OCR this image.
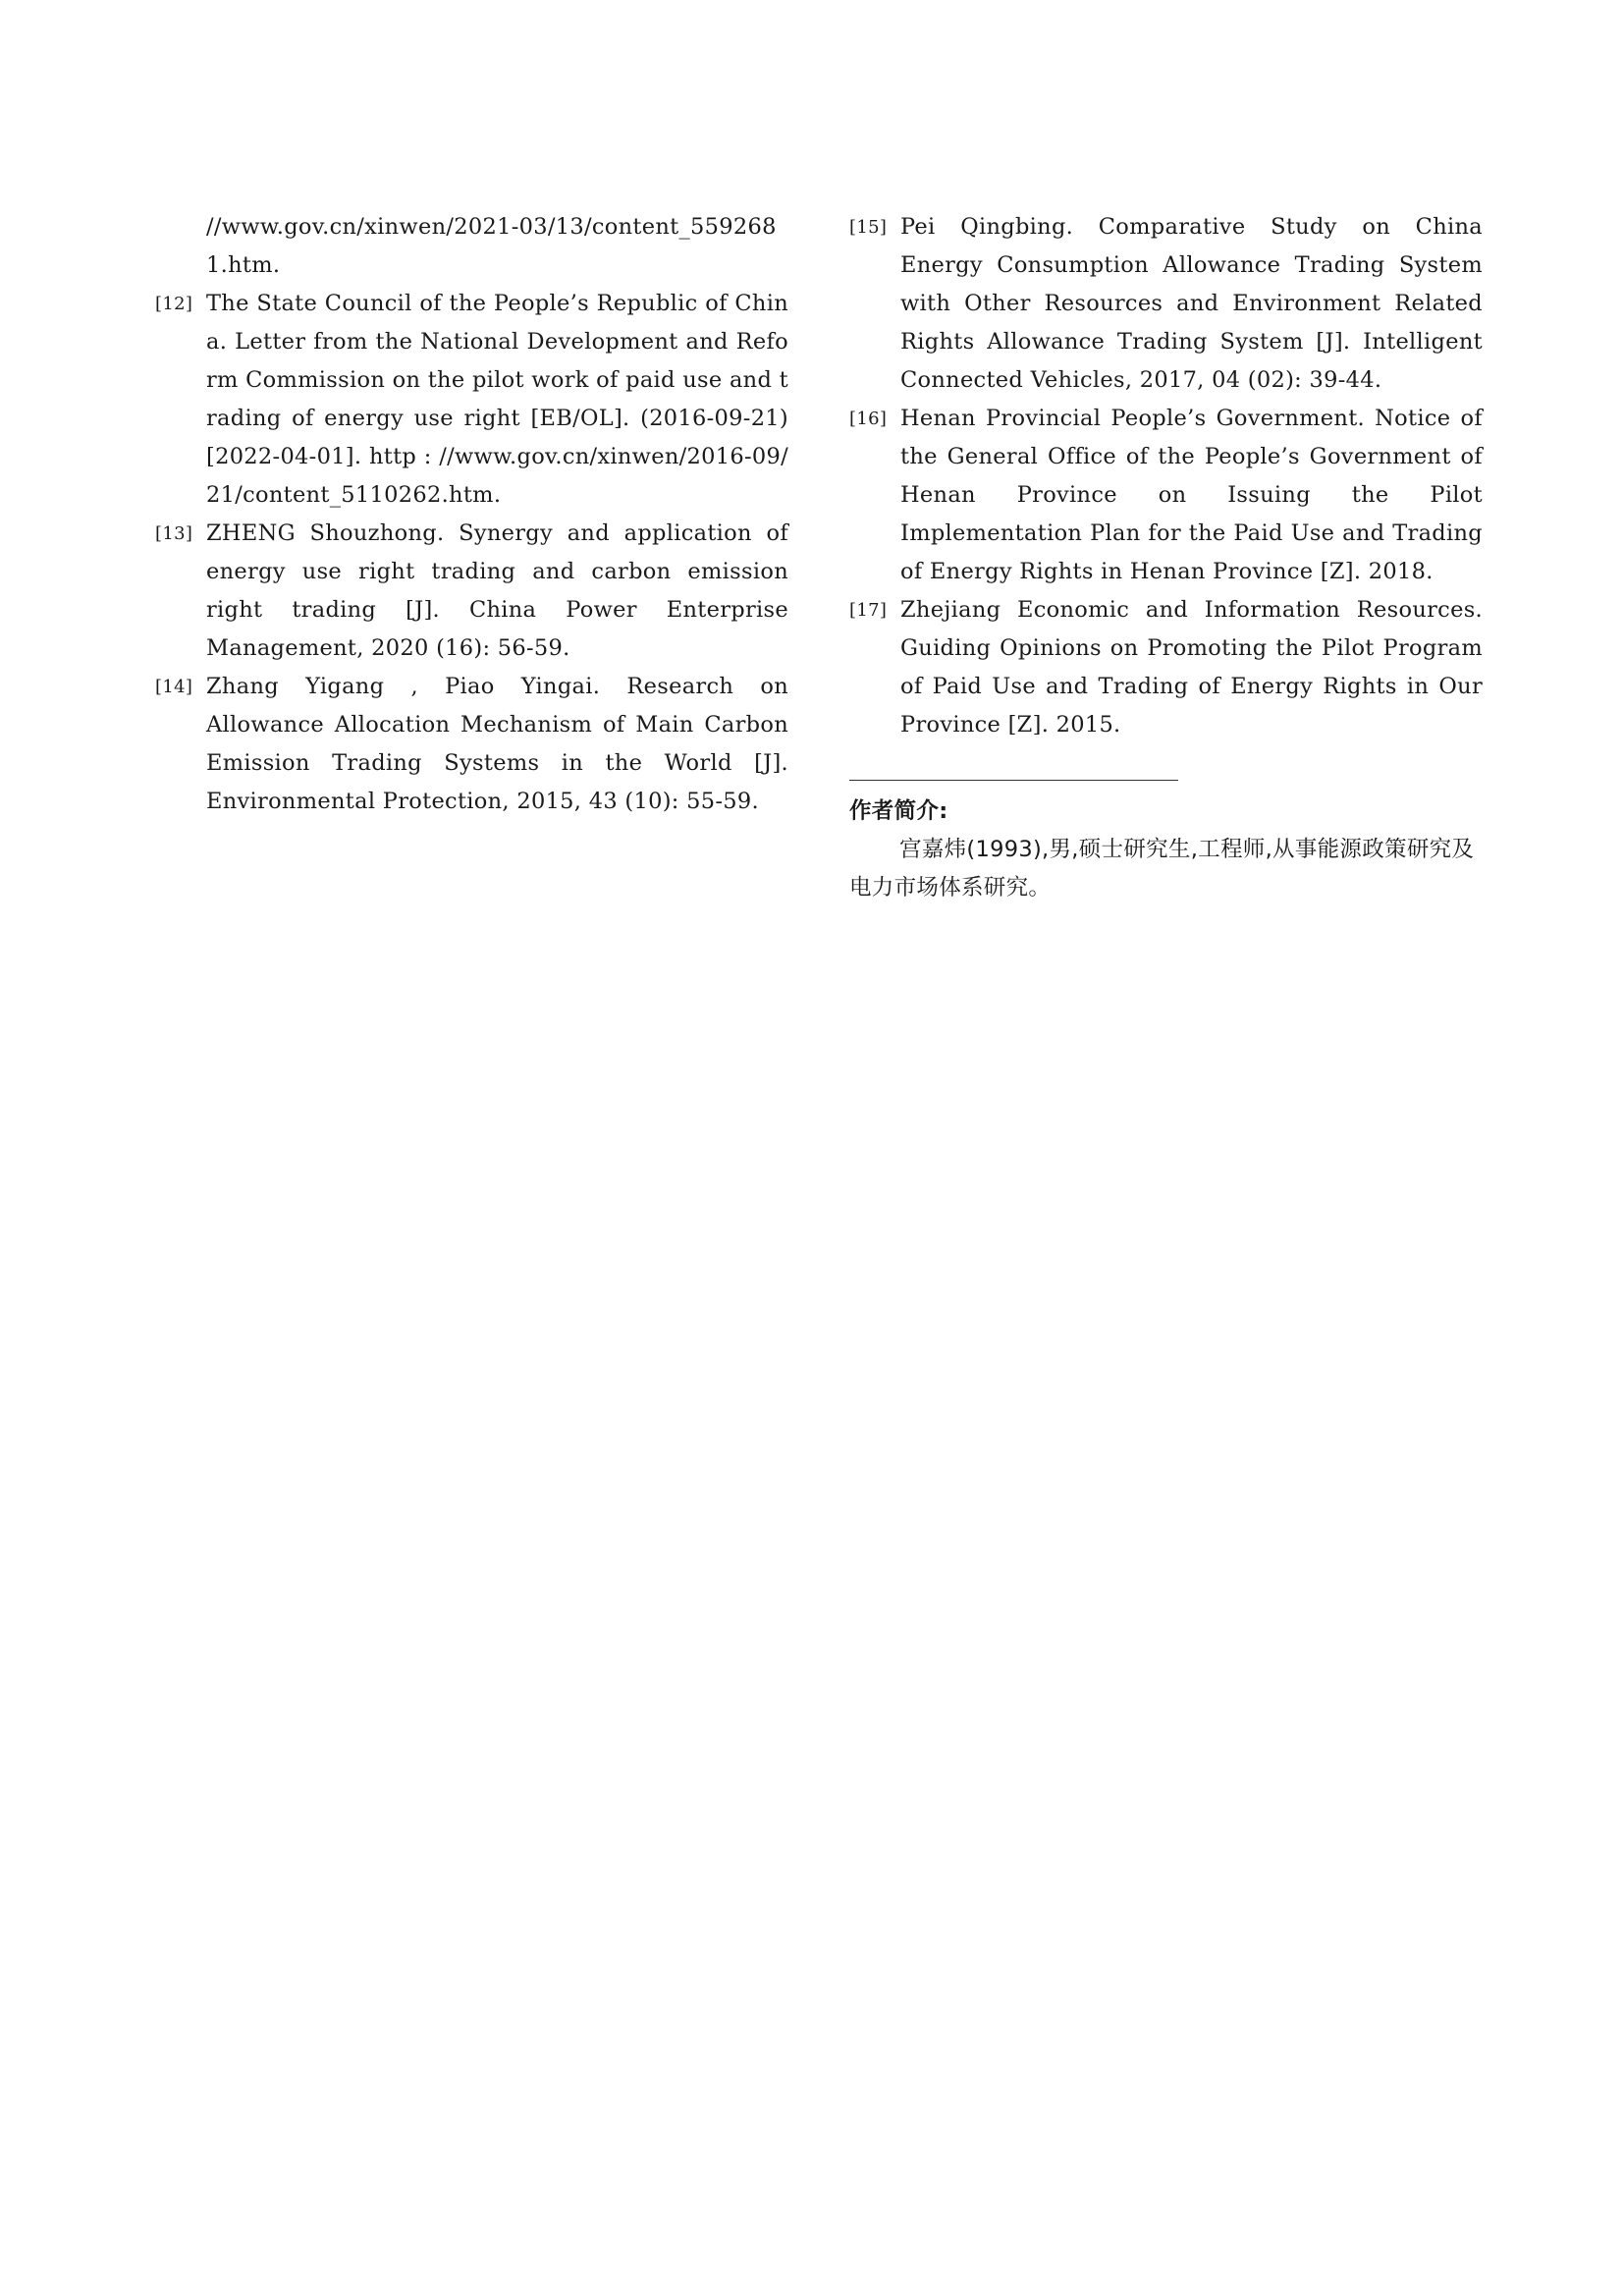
//www.gov.cn/xinwen/2021-03/13/content_5592681.htm.
[12] The State Council of the People’s Republic of China. Letter from the National Development and Reform Commission on the pilot work of paid use and trading of energy use right [EB/OL]. (2016-09-21)[2022-04-01]. http : //www.gov.cn/xinwen/2016-09/21/content_5110262.htm.
[13] ZHENG Shouzhong. Synergy and application of energy use right trading and carbon emission right trading [J]. China Power Enterprise Management, 2020 (16): 56-59.
[14] Zhang Yigang , Piao Yingai. Research on Allowance Allocation Mechanism of Main Carbon Emission Trading Systems in the World [J]. Environmental Protection, 2015, 43 (10): 55-59.
[15] Pei Qingbing. Comparative Study on China Energy Consumption Allowance Trading System with Other Resources and Environment Related Rights Allowance Trading System [J]. Intelligent Connected Vehicles, 2017, 04 (02): 39-44.
[16] Henan Provincial People’s Government. Notice of the General Office of the People’s Government of Henan Province on Issuing the Pilot Implementation Plan for the Paid Use and Trading of Energy Rights in Henan Province [Z]. 2018.
[17] Zhejiang Economic and Information Resources. Guiding Opinions on Promoting the Pilot Program of Paid Use and Trading of Energy Rights in Our Province [Z]. 2015.
作者简介:
宫嘉炜(1993),男,硕士研究生,工程师,从事能源政策研究及电力市场体系研究。
